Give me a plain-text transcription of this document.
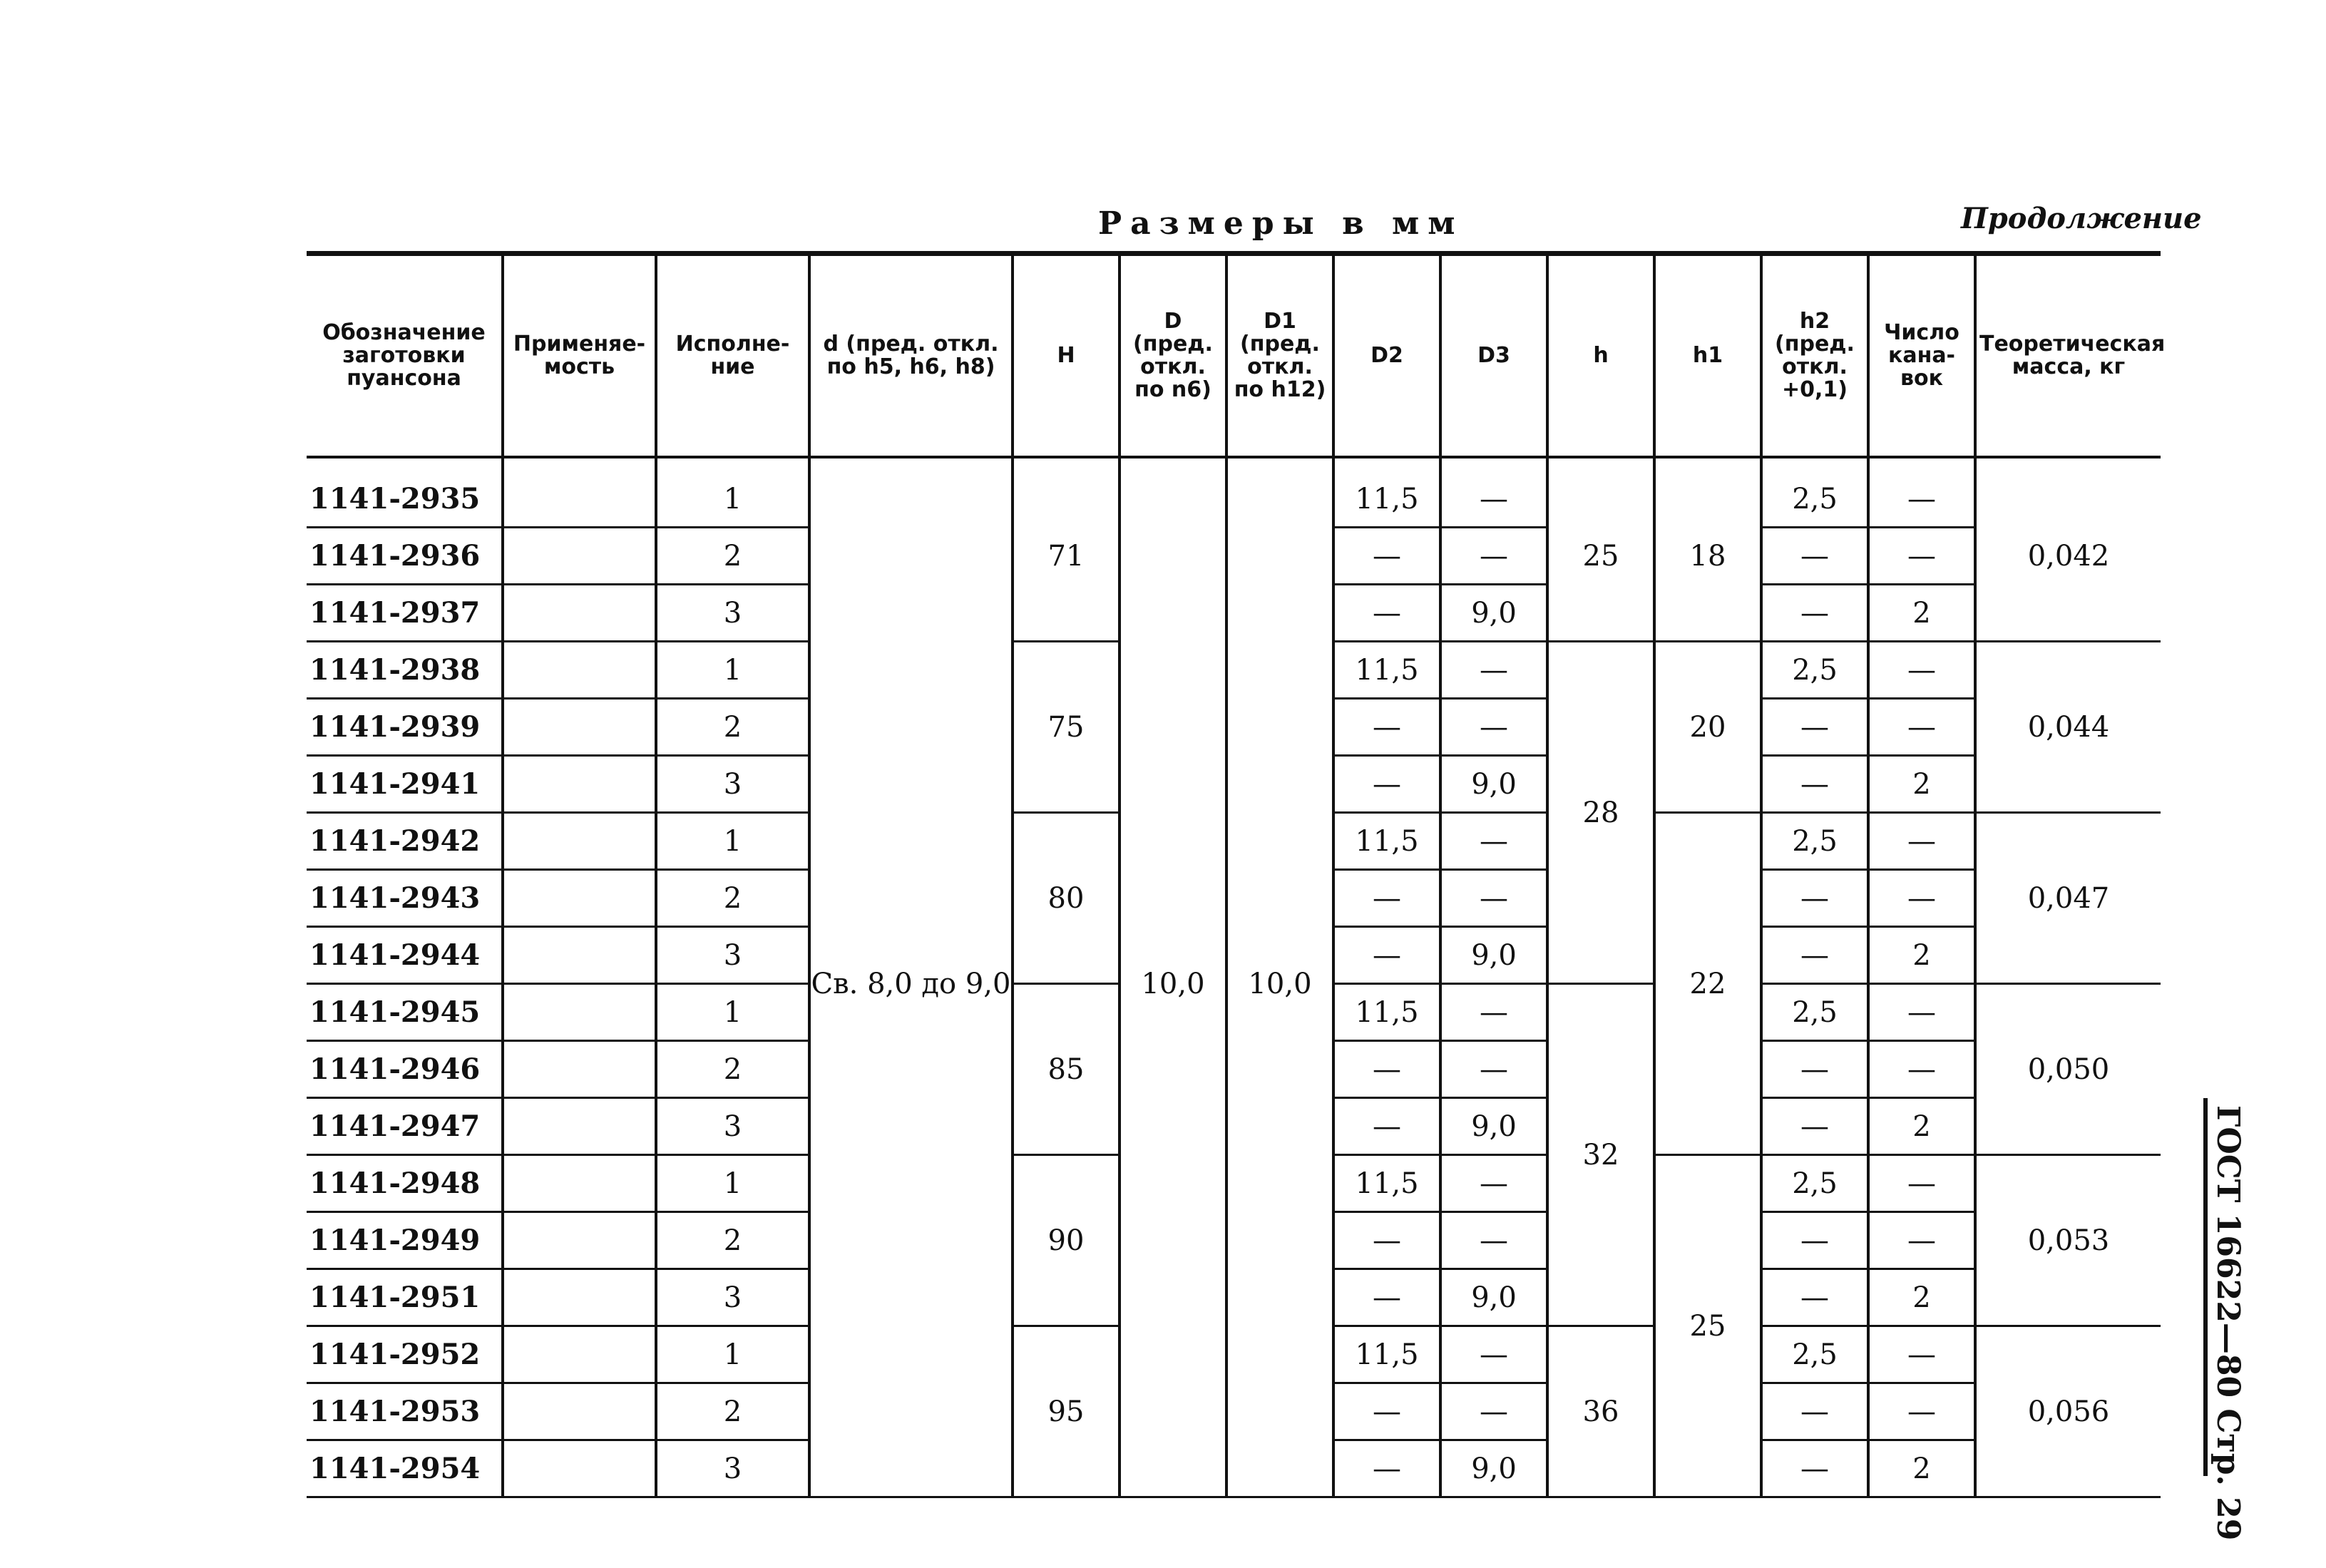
Размеры в мм	Продолжение
ГОСТ 16622—80 Стр. 29
Обозначение заготовки пуансона	Применяе-мость	Исполне-ние	d (пред. откл. по h5, h6, h8)	H	D (пред. откл. по n6)	D1 (пред. откл. по h12)	D2	D3	h	h1	h2 (пред. откл. +0,1)	Число кана-вок	Теоретическая масса, кг
1141-2935		1	Св. 8,0 до 9,0	71	10,0	10,0	11,5	—	25	18	2,5	—	0,042
1141-2936		2					—	—			—	—	
1141-2937		3					—	9,0			—	2	
1141-2938		1		75			11,5	—	28	20	2,5	—	0,044
1141-2939		2					—	—			—	—	
1141-2941		3					—	9,0			—	2	
1141-2942		1		80			11,5	—		22	2,5	—	0,047
1141-2943		2					—	—			—	—	
1141-2944		3					—	9,0			—	2	
1141-2945		1		85			11,5	—	32		2,5	—	0,050
1141-2946		2					—	—			—	—	
1141-2947		3					—	9,0			—	2	
1141-2948		1		90			11,5	—		25	2,5	—	0,053
1141-2949		2					—	—			—	—	
1141-2951		3					—	9,0			—	2	
1141-2952		1		95			11,5	—	36		2,5	—	0,056
1141-2953		2					—	—			—	—	
1141-2954		3					—	9,0			—	2	
